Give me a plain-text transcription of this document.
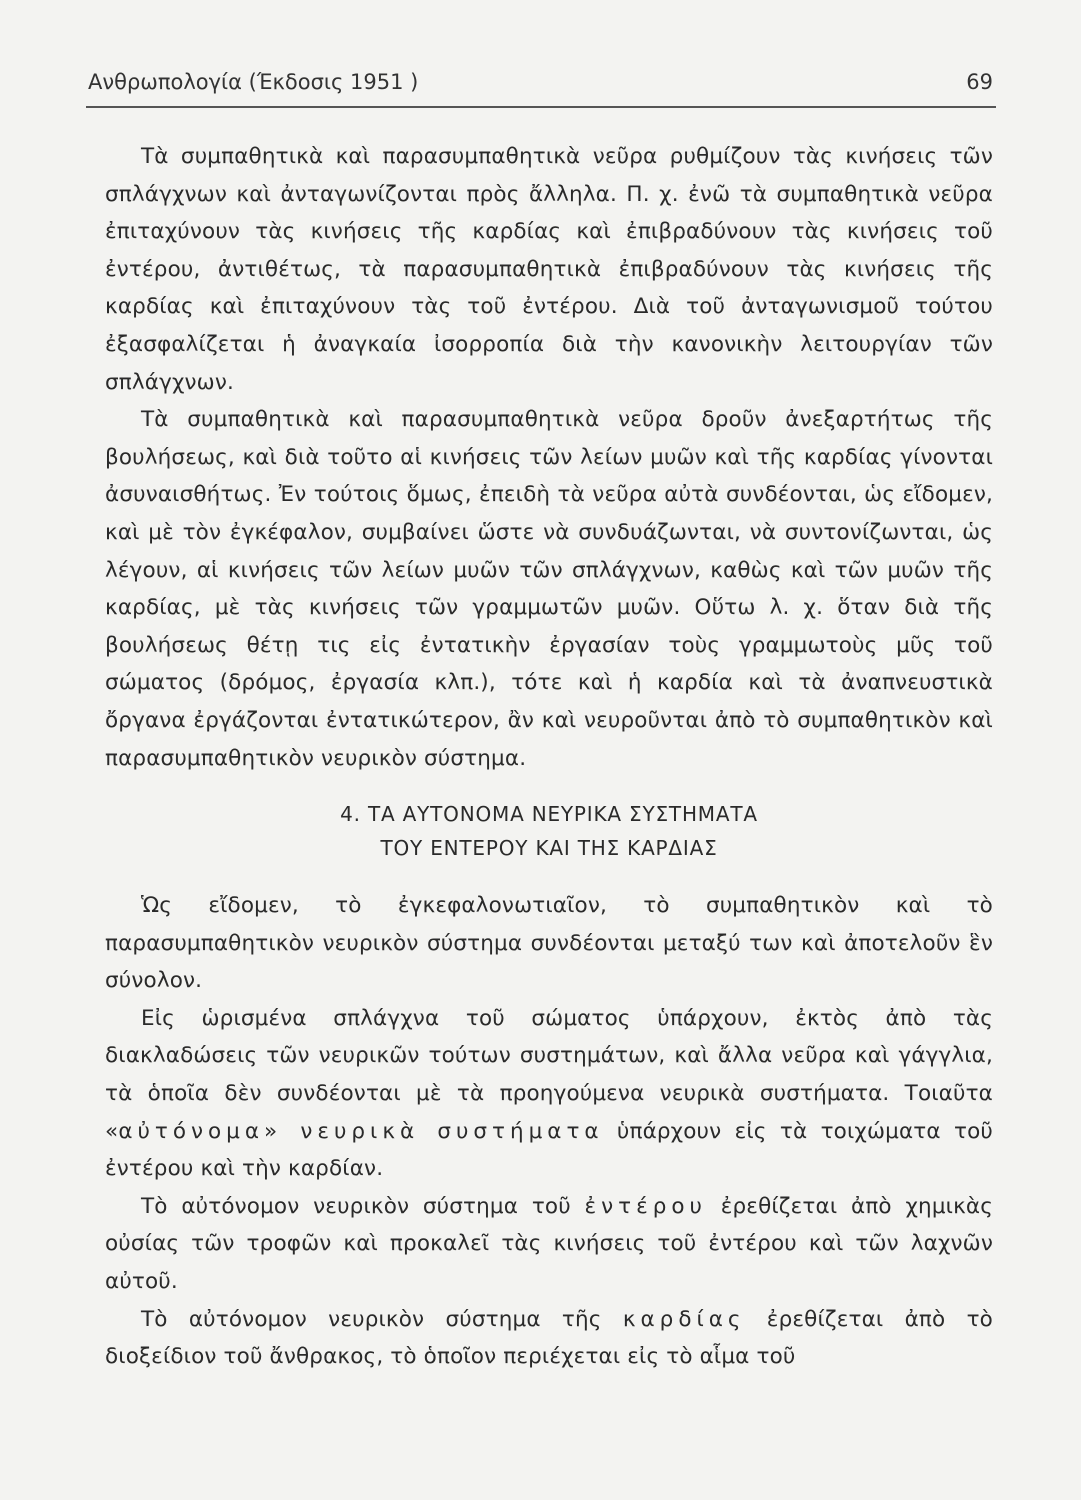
Ανθρωπολογία (Έκδοσις 1951 )	69

Τὰ συμπαθητικὰ καὶ παρασυμπαθητικὰ νεῦρα ρυθμίζουν τὰς κινήσεις τῶν σπλάγχνων καὶ ἀνταγωνίζονται πρὸς ἄλληλα. Π. χ. ἐνῶ τὰ συμπαθητικὰ νεῦρα ἐπιταχύνουν τὰς κινήσεις τῆς καρδίας καὶ ἐπιβραδύνουν τὰς κινήσεις τοῦ ἐντέρου, ἀντιθέτως, τὰ παρασυμπαθητικὰ ἐπιβραδύνουν τὰς κινήσεις τῆς καρδίας καὶ ἐπιταχύνουν τὰς τοῦ ἐντέρου. Διὰ τοῦ ἀνταγωνισμοῦ τούτου ἐξασφαλίζεται ἡ ἀναγκαία ἰσορροπία διὰ τὴν κανονικὴν λειτουργίαν τῶν σπλάγχνων.

Τὰ συμπαθητικὰ καὶ παρασυμπαθητικὰ νεῦρα δροῦν ἀνεξαρτήτως τῆς βουλήσεως, καὶ διὰ τοῦτο αἱ κινήσεις τῶν λείων μυῶν καὶ τῆς καρδίας γίνονται ἀσυναισθήτως. Ἐν τούτοις ὅμως, ἐπειδὴ τὰ νεῦρα αὐτὰ συνδέονται, ὡς εἴδομεν, καὶ μὲ τὸν ἐγκέφαλον, συμβαίνει ὥστε νὰ συνδυάζωνται, νὰ συντονίζωνται, ὡς λέγουν, αἱ κινήσεις τῶν λείων μυῶν τῶν σπλάγχνων, καθὼς καὶ τῶν μυῶν τῆς καρδίας, μὲ τὰς κινήσεις τῶν γραμμωτῶν μυῶν. Οὕτω λ. χ. ὅταν διὰ τῆς βουλήσεως θέτῃ τις εἰς ἐντατικὴν ἐργασίαν τοὺς γραμμωτοὺς μῦς τοῦ σώματος (δρόμος, ἐργασία κλπ.), τότε καὶ ἡ καρδία καὶ τὰ ἀναπνευστικὰ ὄργανα ἐργάζονται ἐντατικώτερον, ἂν καὶ νευροῦνται ἀπὸ τὸ συμπαθητικὸν καὶ παρασυμπαθητικὸν νευρικὸν σύστημα.

4. ΤΑ ΑΥΤΟΝΟΜΑ ΝΕΥΡΙΚΑ ΣΥΣΤΗΜΑΤΑ
ΤΟΥ ΕΝΤΕΡΟΥ ΚΑΙ ΤΗΣ ΚΑΡΔΙΑΣ

Ὡς εἴδομεν, τὸ ἐγκεφαλονωτιαῖον, τὸ συμπαθητικὸν καὶ τὸ παρασυμπαθητικὸν νευρικὸν σύστημα συνδέονται μεταξύ των καὶ ἀποτελοῦν ἓν σύνολον.

Εἰς ὡρισμένα σπλάγχνα τοῦ σώματος ὑπάρχουν, ἐκτὸς ἀπὸ τὰς διακλαδώσεις τῶν νευρικῶν τούτων συστημάτων, καὶ ἄλλα νεῦρα καὶ γάγγλια, τὰ ὁποῖα δὲν συνδέονται μὲ τὰ προηγούμενα νευρικὰ συστήματα. Τοιαῦτα «αὐτόνομα» νευρικὰ συστήματα ὑπάρχουν εἰς τὰ τοιχώματα τοῦ ἐντέρου καὶ τὴν καρδίαν.

Τὸ αὐτόνομον νευρικὸν σύστημα τοῦ ἐντέρου ἐρεθίζεται ἀπὸ χημικὰς οὐσίας τῶν τροφῶν καὶ προκαλεῖ τὰς κινήσεις τοῦ ἐντέρου καὶ τῶν λαχνῶν αὐτοῦ.

Τὸ αὐτόνομον νευρικὸν σύστημα τῆς καρδίας ἐρεθίζεται ἀπὸ τὸ διοξείδιον τοῦ ἄνθρακος, τὸ ὁποῖον περιέχεται εἰς τὸ αἷμα τοῦ
